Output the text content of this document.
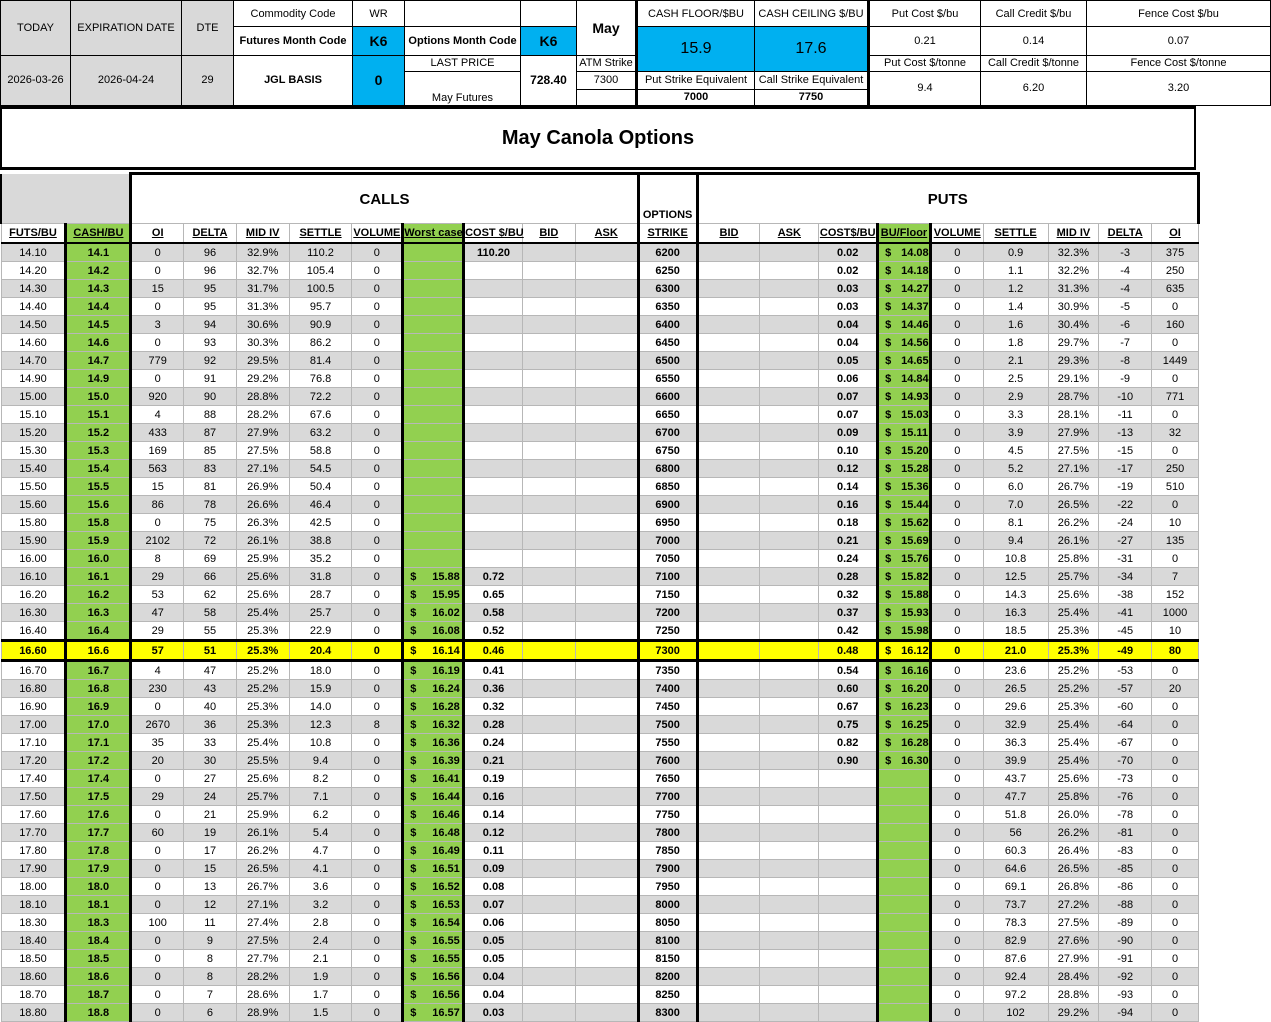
TODAY	EXPIRATION DATE	DTE	Commodity Code	WR			May	CASH FLOOR/$BU	CASH CEILING $/BU	Put Cost $/bu	Call Credit $/bu	Fence Cost $/bu
			Futures Month Code	K6	Options Month Code	K6		15.9	17.6	0.21	0.14	0.07
2026-03-26	2026-04-24	29	JGL BASIS	0	LAST PRICE	728.40	ATM Strike			Put Cost $/tonne	Call Credit $/tonne	Fence Cost $/tonne
					May Futures		7300	Put Strike Equivalent	Call Strike Equivalent	9.4	6.20	3.20
								7000	7750			
May Canola Options
		CALLS									OPTIONS	PUTS								
FUTS/BU	CASH/BU	OI	DELTA	MID IV	SETTLE	VOLUME	Worst case	COST $/BU	BID	ASK	STRIKE	BID	ASK	COST$/BU	BU/Floor	VOLUME	SETTLE	MID IV	DELTA	OI
14.10	14.1	0	96	32.9%	110.2	0		110.20			6200			0.02	$ 14.08	0	0.9	32.3%	-3	375
14.20	14.2	0	96	32.7%	105.4	0					6250			0.02	$ 14.18	0	1.1	32.2%	-4	250
14.30	14.3	15	95	31.7%	100.5	0					6300			0.03	$ 14.27	0	1.2	31.3%	-4	635
14.40	14.4	0	95	31.3%	95.7	0					6350			0.03	$ 14.37	0	1.4	30.9%	-5	0
14.50	14.5	3	94	30.6%	90.9	0					6400			0.04	$ 14.46	0	1.6	30.4%	-6	160
14.60	14.6	0	93	30.3%	86.2	0					6450			0.04	$ 14.56	0	1.8	29.7%	-7	0
14.70	14.7	779	92	29.5%	81.4	0					6500			0.05	$ 14.65	0	2.1	29.3%	-8	1449
14.90	14.9	0	91	29.2%	76.8	0					6550			0.06	$ 14.84	0	2.5	29.1%	-9	0
15.00	15.0	920	90	28.8%	72.2	0					6600			0.07	$ 14.93	0	2.9	28.7%	-10	771
15.10	15.1	4	88	28.2%	67.6	0					6650			0.07	$ 15.03	0	3.3	28.1%	-11	0
15.20	15.2	433	87	27.9%	63.2	0					6700			0.09	$ 15.11	0	3.9	27.9%	-13	32
15.30	15.3	169	85	27.5%	58.8	0					6750			0.10	$ 15.20	0	4.5	27.5%	-15	0
15.40	15.4	563	83	27.1%	54.5	0					6800			0.12	$ 15.28	0	5.2	27.1%	-17	250
15.50	15.5	15	81	26.9%	50.4	0					6850			0.14	$ 15.36	0	6.0	26.7%	-19	510
15.60	15.6	86	78	26.6%	46.4	0					6900			0.16	$ 15.44	0	7.0	26.5%	-22	0
15.80	15.8	0	75	26.3%	42.5	0					6950			0.18	$ 15.62	0	8.1	26.2%	-24	10
15.90	15.9	2102	72	26.1%	38.8	0					7000			0.21	$ 15.69	0	9.4	26.1%	-27	135
16.00	16.0	8	69	25.9%	35.2	0					7050			0.24	$ 15.76	0	10.8	25.8%	-31	0
16.10	16.1	29	66	25.6%	31.8	0	$ 15.88	0.72			7100			0.28	$ 15.82	0	12.5	25.7%	-34	7
16.20	16.2	53	62	25.6%	28.7	0	$ 15.95	0.65			7150			0.32	$ 15.88	0	14.3	25.6%	-38	152
16.30	16.3	47	58	25.4%	25.7	0	$ 16.02	0.58			7200			0.37	$ 15.93	0	16.3	25.4%	-41	1000
16.40	16.4	29	55	25.3%	22.9	0	$ 16.08	0.52			7250			0.42	$ 15.98	0	18.5	25.3%	-45	10
16.60	16.6	57	51	25.3%	20.4	0	$ 16.14	0.46			7300			0.48	$ 16.12	0	21.0	25.3%	-49	80
16.70	16.7	4	47	25.2%	18.0	0	$ 16.19	0.41			7350			0.54	$ 16.16	0	23.6	25.2%	-53	0
16.80	16.8	230	43	25.2%	15.9	0	$ 16.24	0.36			7400			0.60	$ 16.20	0	26.5	25.2%	-57	20
16.90	16.9	0	40	25.3%	14.0	0	$ 16.28	0.32			7450			0.67	$ 16.23	0	29.6	25.3%	-60	0
17.00	17.0	2670	36	25.3%	12.3	8	$ 16.32	0.28			7500			0.75	$ 16.25	0	32.9	25.4%	-64	0
17.10	17.1	35	33	25.4%	10.8	0	$ 16.36	0.24			7550			0.82	$ 16.28	0	36.3	25.4%	-67	0
17.20	17.2	20	30	25.5%	9.4	0	$ 16.39	0.21			7600			0.90	$ 16.30	0	39.9	25.4%	-70	0
17.40	17.4	0	27	25.6%	8.2	0	$ 16.41	0.19			7650					0	43.7	25.6%	-73	0
17.50	17.5	29	24	25.7%	7.1	0	$ 16.44	0.16			7700					0	47.7	25.8%	-76	0
17.60	17.6	0	21	25.9%	6.2	0	$ 16.46	0.14			7750					0	51.8	26.0%	-78	0
17.70	17.7	60	19	26.1%	5.4	0	$ 16.48	0.12			7800					0	56	26.2%	-81	0
17.80	17.8	0	17	26.2%	4.7	0	$ 16.49	0.11			7850					0	60.3	26.4%	-83	0
17.90	17.9	0	15	26.5%	4.1	0	$ 16.51	0.09			7900					0	64.6	26.5%	-85	0
18.00	18.0	0	13	26.7%	3.6	0	$ 16.52	0.08			7950					0	69.1	26.8%	-86	0
18.10	18.1	0	12	27.1%	3.2	0	$ 16.53	0.07			8000					0	73.7	27.2%	-88	0
18.30	18.3	100	11	27.4%	2.8	0	$ 16.54	0.06			8050					0	78.3	27.5%	-89	0
18.40	18.4	0	9	27.5%	2.4	0	$ 16.55	0.05			8100					0	82.9	27.6%	-90	0
18.50	18.5	0	8	27.7%	2.1	0	$ 16.55	0.05			8150					0	87.6	27.9%	-91	0
18.60	18.6	0	8	28.2%	1.9	0	$ 16.56	0.04			8200					0	92.4	28.4%	-92	0
18.70	18.7	0	7	28.6%	1.7	0	$ 16.56	0.04			8250					0	97.2	28.8%	-93	0
18.80	18.8	0	6	28.9%	1.5	0	$ 16.57	0.03			8300					0	102	29.2%	-94	0
